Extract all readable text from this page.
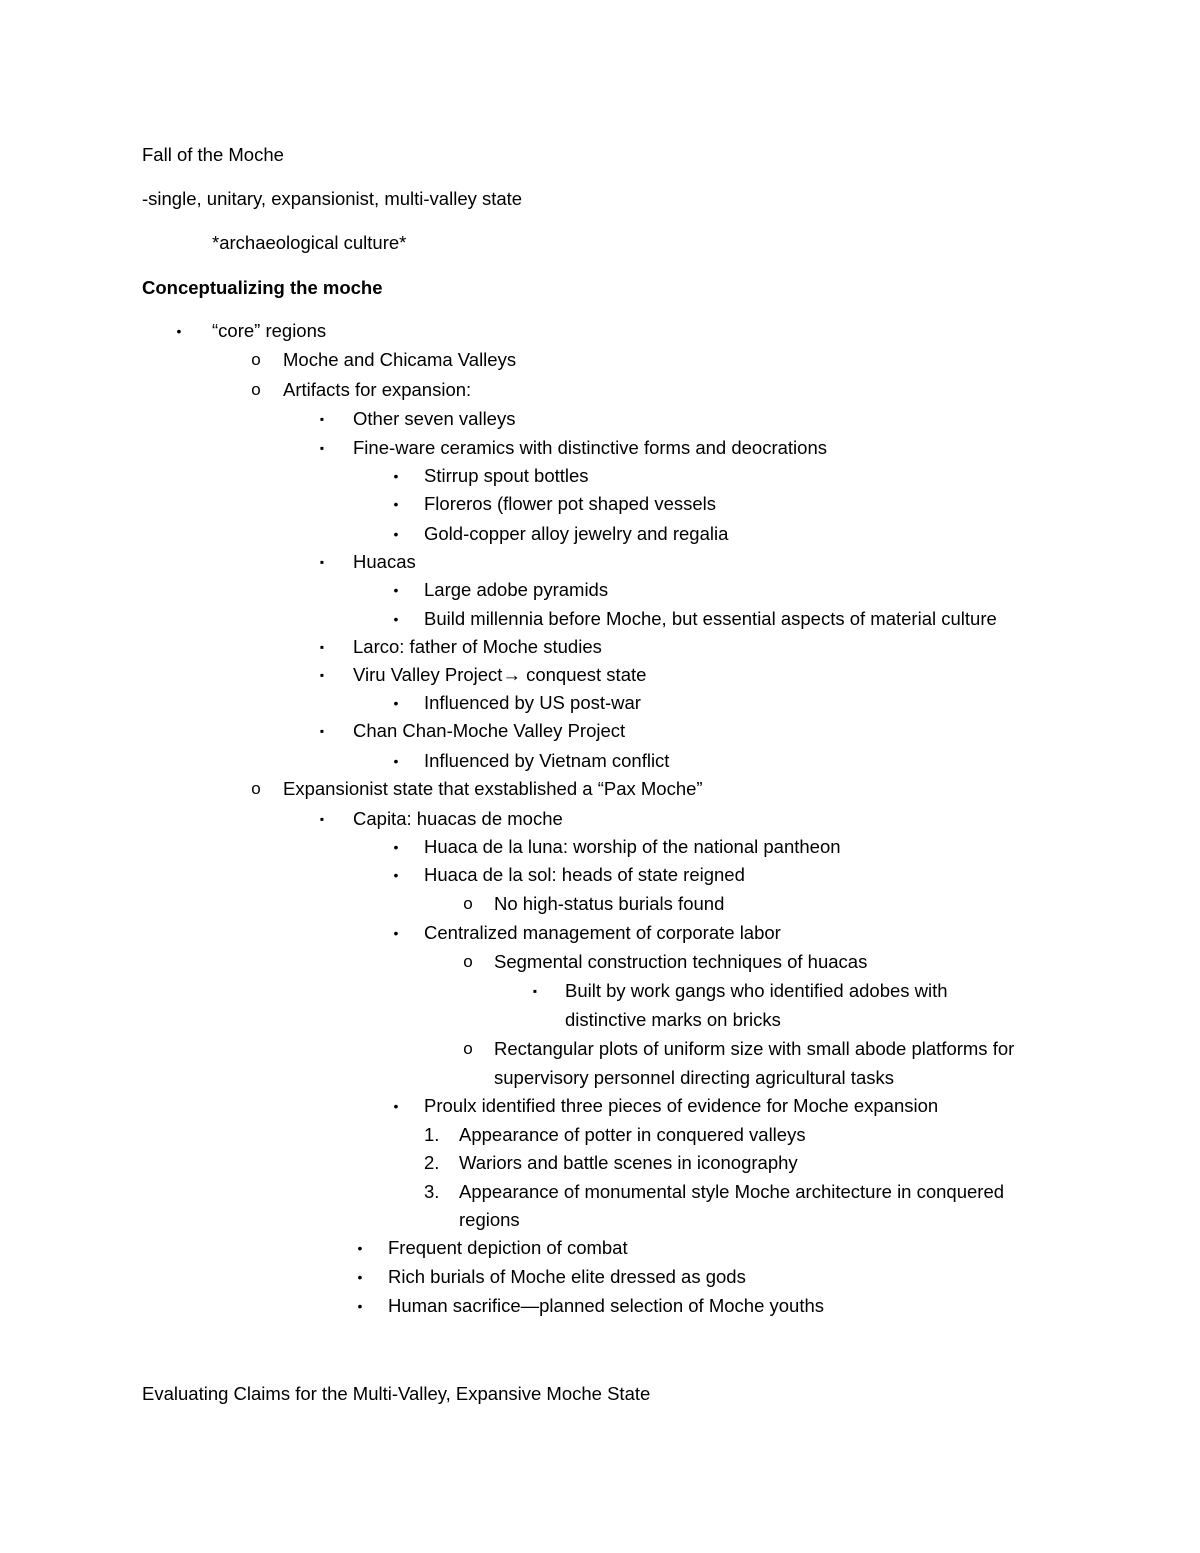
Fall of the Moche
-single, unitary, expansionist, multi-valley state
*archaeological culture*
Conceptualizing the moche
•	“core” regions
o Moche and Chicama Valleys
o Artifacts for expansion:
▪	Other seven valleys
▪	Fine-ware ceramics with distinctive forms and deocrations
•	Stirrup spout bottles
•	Floreros (flower pot shaped vessels
•	Gold-copper alloy jewelry and regalia
▪	Huacas
•	Large adobe pyramids
•	Build millennia before Moche, but essential aspects of material culture
▪	Larco: father of Moche studies
▪	Viru Valley Project→ conquest state
•	Influenced by US post-war
▪	Chan Chan-Moche Valley Project
•	Influenced by Vietnam conflict
o Expansionist state that exstablished a “Pax Moche”
▪	Capita: huacas de moche
•	Huaca de la luna: worship of the national pantheon
•	Huaca de la sol: heads of state reigned
o No high-status burials found
•	Centralized management of corporate labor
o Segmental construction techniques of huacas
▪	Built by work gangs who identified adobes with
distinctive marks on bricks
o Rectangular plots of uniform size with small abode platforms for
supervisory personnel directing agricultural tasks
•	Proulx identified three pieces of evidence for Moche expansion
1.	Appearance of potter in conquered valleys
2.	Wariors and battle scenes in iconography
3.	Appearance of monumental style Moche architecture in conquered
regions
•	Frequent depiction of combat
•	Rich burials of Moche elite dressed as gods
•	Human sacrifice—planned selection of Moche youths
Evaluating Claims for the Multi-Valley, Expansive Moche State
